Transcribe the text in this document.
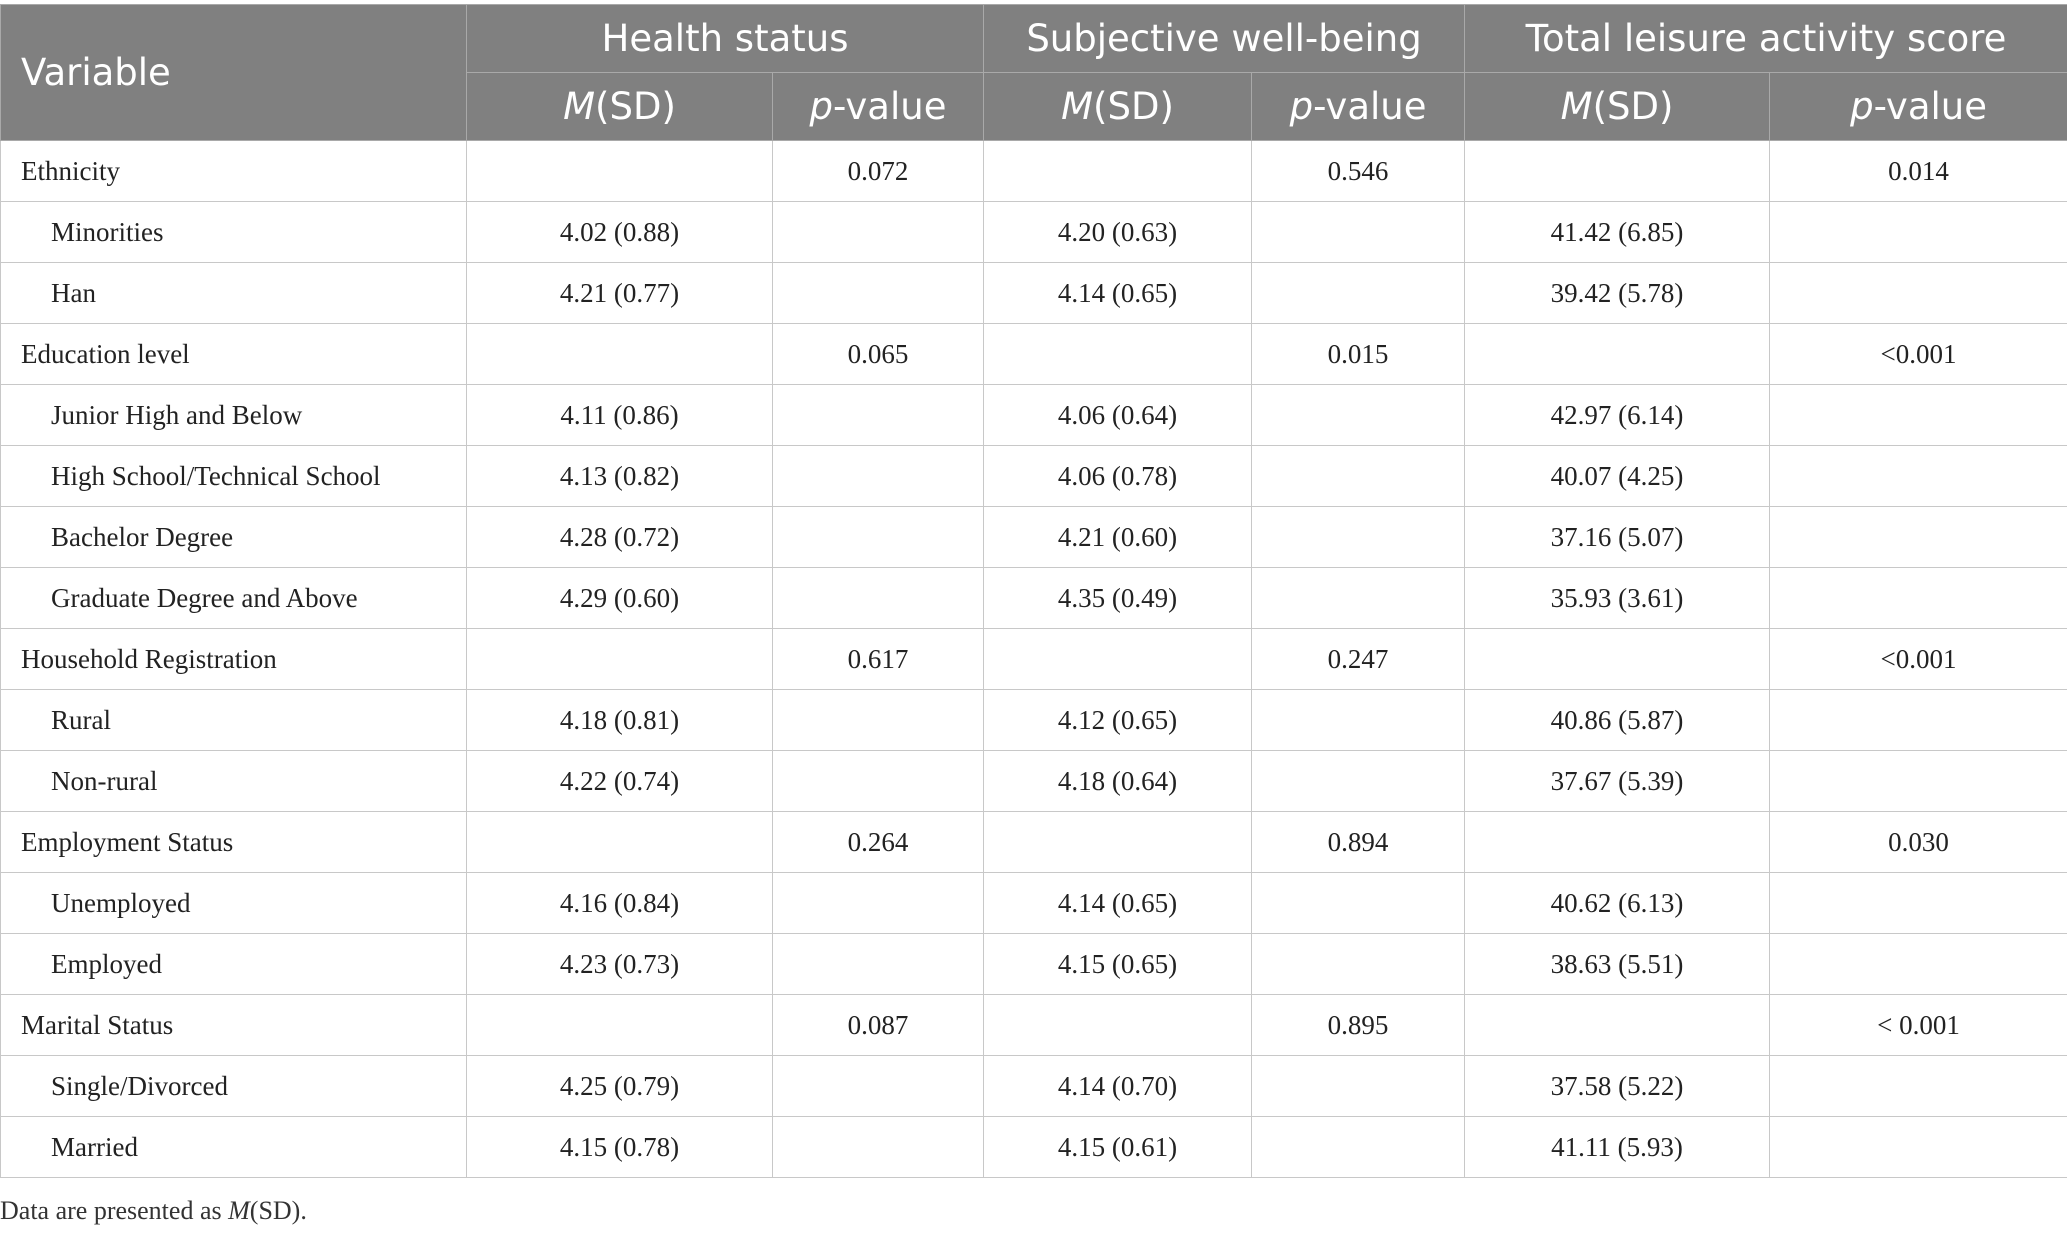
Variable	Health status		Subjective well-being		Total leisure activity score	
	M(SD)	p-value	M(SD)	p-value	M(SD)	p-value
Ethnicity		0.072		0.546		0.014
Minorities	4.02 (0.88)		4.20 (0.63)		41.42 (6.85)	
Han	4.21 (0.77)		4.14 (0.65)		39.42 (5.78)	
Education level		0.065		0.015		<0.001
Junior High and Below	4.11 (0.86)		4.06 (0.64)		42.97 (6.14)	
High School/Technical School	4.13 (0.82)		4.06 (0.78)		40.07 (4.25)	
Bachelor Degree	4.28 (0.72)		4.21 (0.60)		37.16 (5.07)	
Graduate Degree and Above	4.29 (0.60)		4.35 (0.49)		35.93 (3.61)	
Household Registration		0.617		0.247		<0.001
Rural	4.18 (0.81)		4.12 (0.65)		40.86 (5.87)	
Non-rural	4.22 (0.74)		4.18 (0.64)		37.67 (5.39)	
Employment Status		0.264		0.894		0.030
Unemployed	4.16 (0.84)		4.14 (0.65)		40.62 (6.13)	
Employed	4.23 (0.73)		4.15 (0.65)		38.63 (5.51)	
Marital Status		0.087		0.895		< 0.001
Single/Divorced	4.25 (0.79)		4.14 (0.70)		37.58 (5.22)	
Married	4.15 (0.78)		4.15 (0.61)		41.11 (5.93)	
Data are presented as M(SD).
